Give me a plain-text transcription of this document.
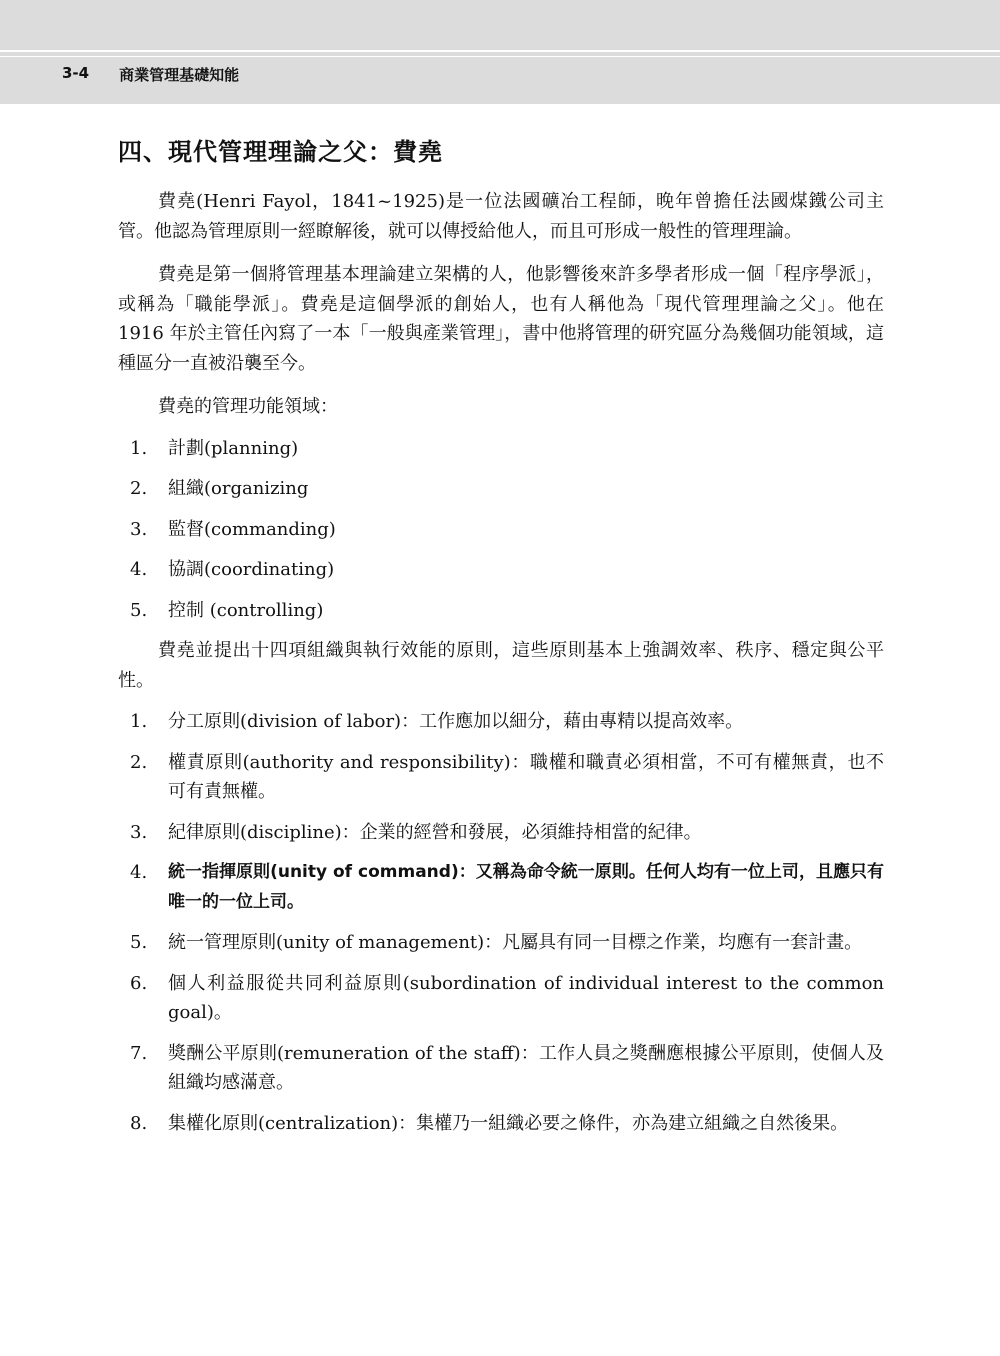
3-4 商業管理基礎知能
四、現代管理理論之父：費堯

費堯(Henri Fayol，1841~1925)是一位法國礦冶工程師，晚年曾擔任法國煤鐵公司主管。他認為管理原則一經瞭解後，就可以傳授給他人，而且可形成一般性的管理理論。

費堯是第一個將管理基本理論建立架構的人，他影響後來許多學者形成一個「程序學派」，或稱為「職能學派」。費堯是這個學派的創始人，也有人稱他為「現代管理理論之父」。他在 1916 年於主管任內寫了一本「一般與產業管理」，書中他將管理的研究區分為幾個功能領域，這種區分一直被沿襲至今。

費堯的管理功能領域：

1.	計劃(planning)
2.	組織(organizing
3.	監督(commanding)
4.	協調(coordinating)
5.	控制 (controlling)

費堯並提出十四項組織與執行效能的原則，這些原則基本上強調效率、秩序、穩定與公平性。

1.	分工原則(division of labor)：工作應加以細分，藉由專精以提高效率。
2.	權責原則(authority and responsibility)：職權和職責必須相當，不可有權無責，也不可有責無權。
3.	紀律原則(discipline)：企業的經營和發展，必須維持相當的紀律。
4.	統一指揮原則(unity of command)：又稱為命令統一原則。任何人均有一位上司，且應只有唯一的一位上司。
5.	統一管理原則(unity of management)：凡屬具有同一目標之作業，均應有一套計畫。
6.	個人利益服從共同利益原則(subordination of individual interest to the common goal)。
7.	獎酬公平原則(remuneration of the staff)：工作人員之獎酬應根據公平原則，使個人及組織均感滿意。
8.	集權化原則(centralization)：集權乃一組織必要之條件，亦為建立組織之自然後果。
